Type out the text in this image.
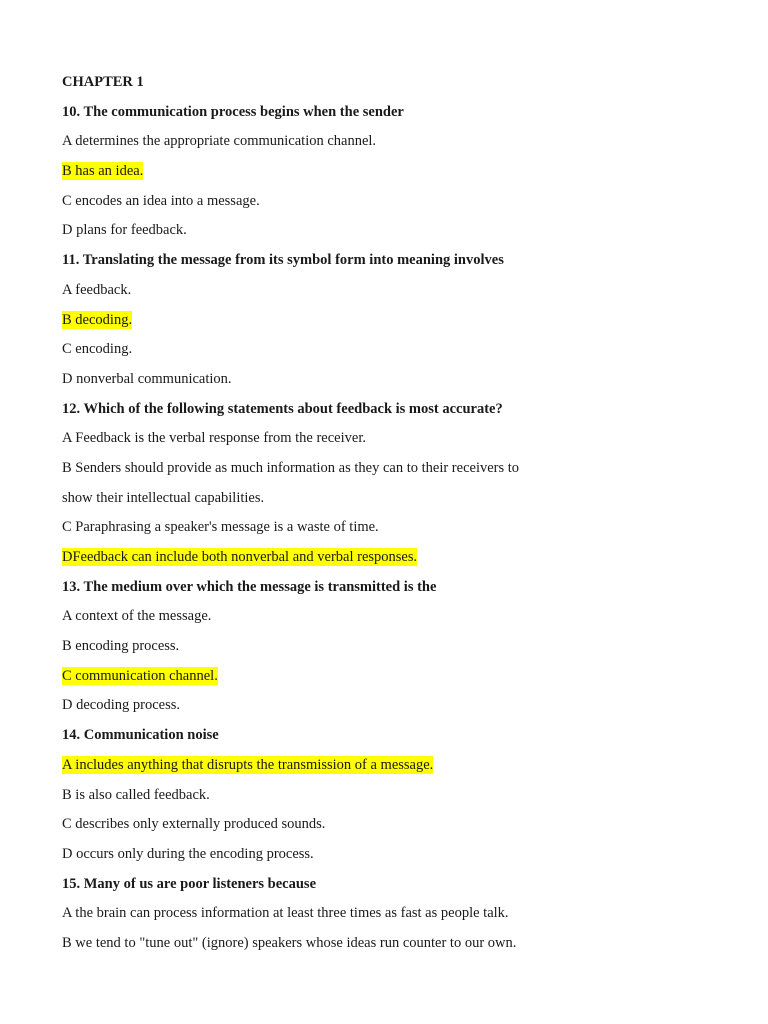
CHAPTER 1
10. The communication process begins when the sender
A determines the appropriate communication channel.
B has an idea.
C encodes an idea into a message.
D plans for feedback.
11. Translating the message from its symbol form into meaning involves
A feedback.
B decoding.
C encoding.
D nonverbal communication.
12. Which of the following statements about feedback is most accurate?
A Feedback is the verbal response from the receiver.
B Senders should provide as much information as they can to their receivers to
show their intellectual capabilities.
C Paraphrasing a speaker's message is a waste of time.
DFeedback can include both nonverbal and verbal responses.
13. The medium over which the message is transmitted is the
A context of the message.
B encoding process.
C communication channel.
D decoding process.
14. Communication noise
A includes anything that disrupts the transmission of a message.
B is also called feedback.
C describes only externally produced sounds.
D occurs only during the encoding process.
15. Many of us are poor listeners because
A the brain can process information at least three times as fast as people talk.
B we tend to "tune out" (ignore) speakers whose ideas run counter to our own.
